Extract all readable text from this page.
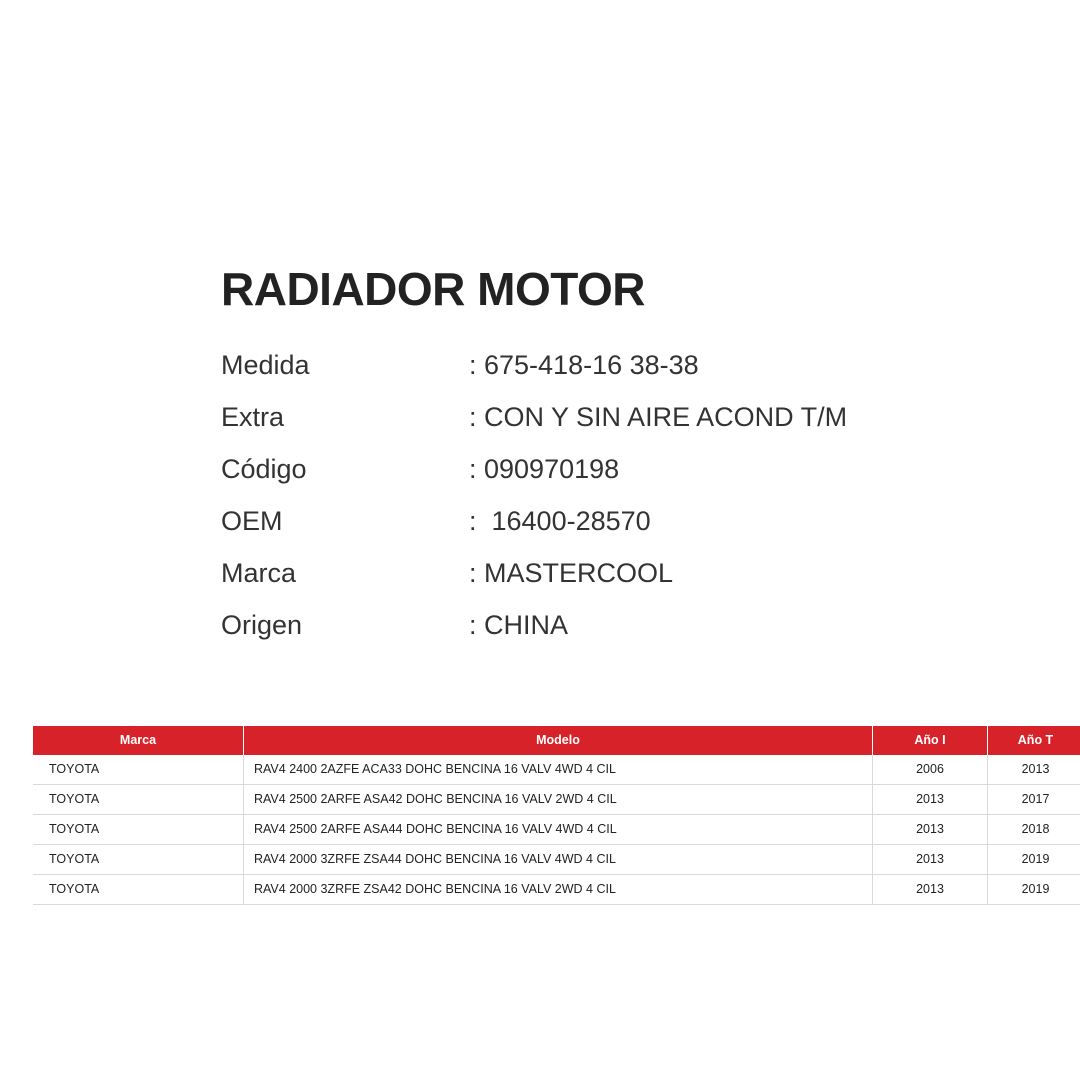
RADIADOR MOTOR
Medida	: 675-418-16 38-38
Extra	: CON Y SIN AIRE ACOND T/M
Código	: 090970198
OEM	:  16400-28570
Marca	: MASTERCOOL
Origen	: CHINA
Marca	Modelo	Año I	Año T
TOYOTA	RAV4 2400 2AZFE ACA33 DOHC BENCINA 16 VALV 4WD 4 CIL	2006	2013
TOYOTA	RAV4 2500 2ARFE ASA42 DOHC BENCINA 16 VALV 2WD 4 CIL	2013	2017
TOYOTA	RAV4 2500 2ARFE ASA44 DOHC BENCINA 16 VALV 4WD 4 CIL	2013	2018
TOYOTA	RAV4 2000 3ZRFE ZSA44 DOHC BENCINA 16 VALV 4WD 4 CIL	2013	2019
TOYOTA	RAV4 2000 3ZRFE ZSA42 DOHC BENCINA 16 VALV 2WD 4 CIL	2013	2019
